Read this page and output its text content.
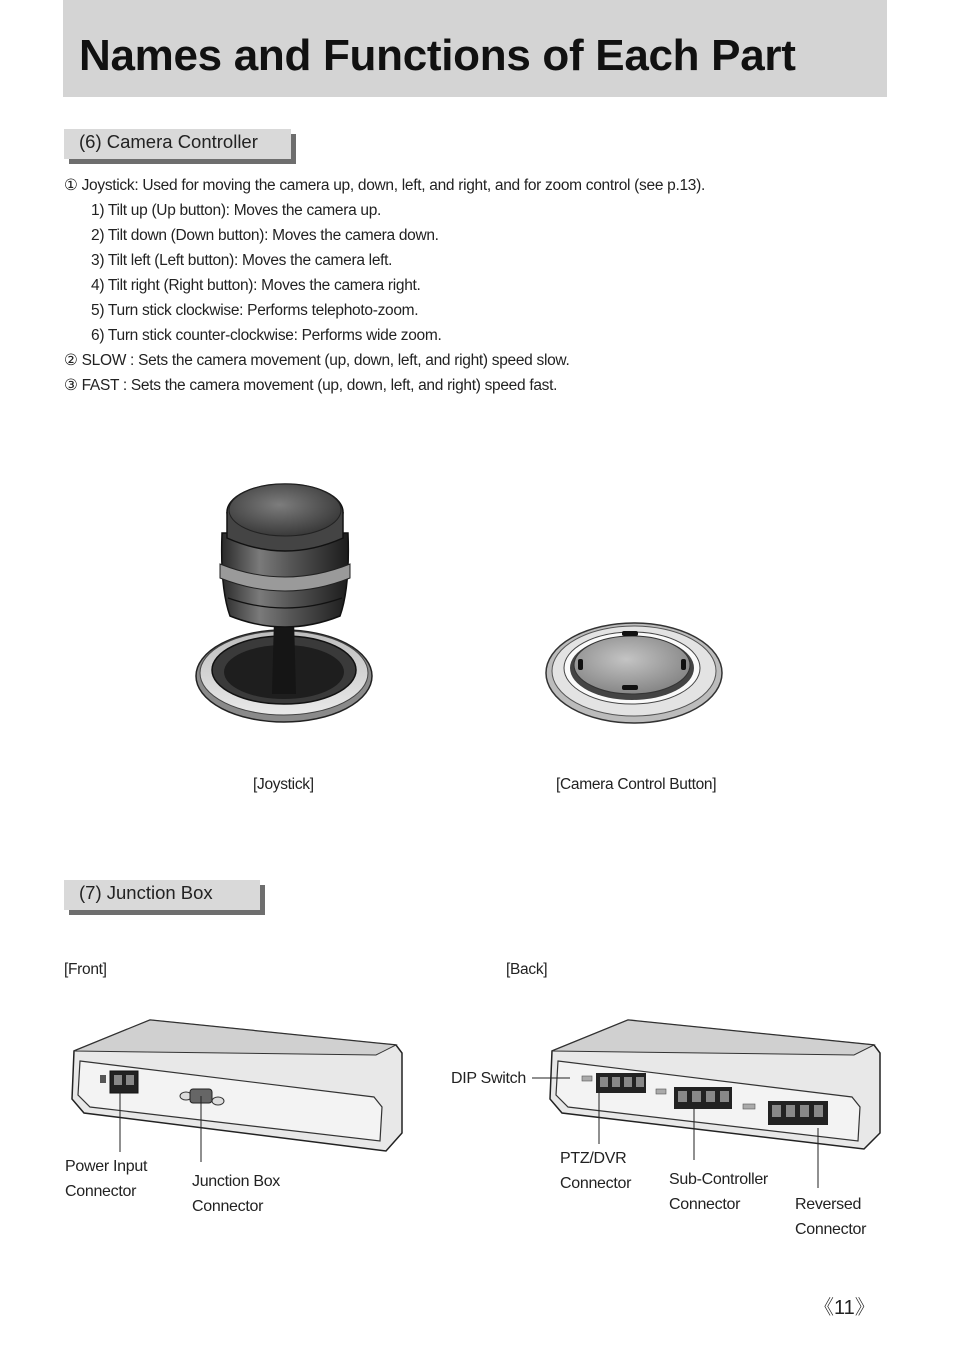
Names and Functions of Each Part
(6) Camera Controller
① Joystick: Used for moving the camera up, down, left, and right, and for zoom control (see p.13).
1) Tilt up (Up button): Moves the camera up.
2) Tilt down (Down button): Moves the camera down.
3) Tilt left (Left button): Moves the camera left.
4) Tilt right (Right button): Moves the camera right.
5) Turn stick clockwise: Performs telephoto-zoom.
6) Turn stick counter-clockwise: Performs wide zoom.
② SLOW : Sets the camera movement (up, down, left, and right) speed slow.
③ FAST : Sets the camera movement (up, down, left, and right) speed fast.
[Joystick]	[Camera Control Button]
(7) Junction Box
[Front]	[Back]
Power Input
Connector
Junction Box
Connector
DIP Switch
PTZ/DVR
Connector Sub-Controller
Connector	Reversed
Connector
《11》
